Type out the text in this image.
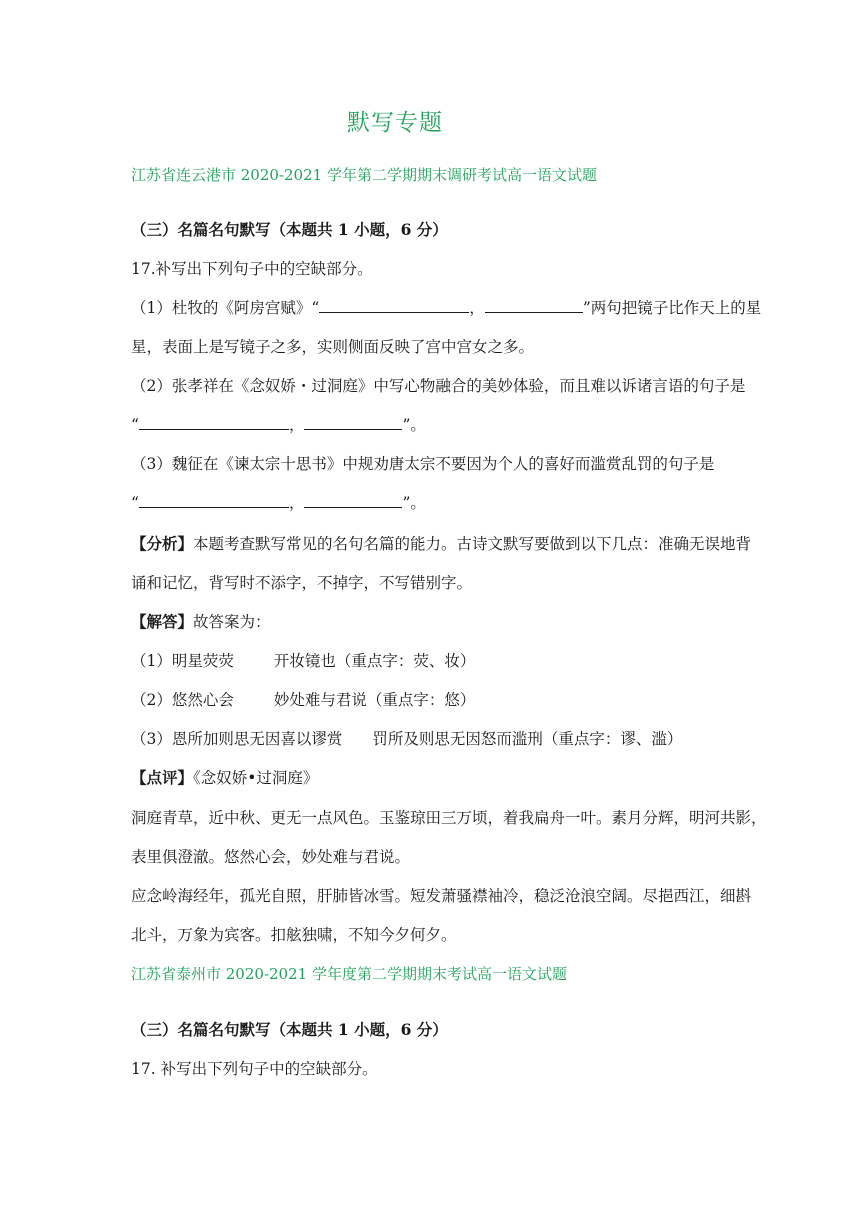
默写专题
江苏省连云港市 2020-2021 学年第二学期期末调研考试高一语文试题
（三）名篇名句默写（本题共 1 小题，6 分）
17.补写出下列句子中的空缺部分。
（1）杜牧的《阿房宫赋》“	，	”两句把镜子比作天上的星
星，表面上是写镜子之多，实则侧面反映了宫中宫女之多。
（2）张孝祥在《念奴娇・过洞庭》中写心物融合的美妙体验，而且难以诉诸言语的句子是
“	，	”。
（3）魏征在《谏太宗十思书》中规劝唐太宗不要因为个人的喜好而滥赏乱罚的句子是
“	，	”。
【分析】本题考查默写常见的名句名篇的能力。古诗文默写要做到以下几点：准确无误地背
诵和记忆，背写时不添字，不掉字，不写错别字。
【解答】故答案为：
（1）明星荧荧	开妆镜也（重点字：荧、妆）
（2）悠然心会	妙处难与君说（重点字：悠）
（3）恩所加则思无因喜以谬赏 罚所及则思无因怒而滥刑（重点字：谬、滥）
【点评】《念奴娇•过洞庭》
洞庭青草，近中秋、更无一点风色。玉鉴琼田三万顷，着我扁舟一叶。素月分辉，明河共影，
表里俱澄澈。悠然心会，妙处难与君说。
应念岭海经年，孤光自照，肝肺皆冰雪。短发萧骚襟袖冷，稳泛沧浪空阔。尽挹西江，细斟
北斗，万象为宾客。扣舷独啸，不知今夕何夕。
江苏省泰州市 2020-2021 学年度第二学期期末考试高一语文试题
（三）名篇名句默写（本题共 1 小题，6 分）
17. 补写出下列句子中的空缺部分。
